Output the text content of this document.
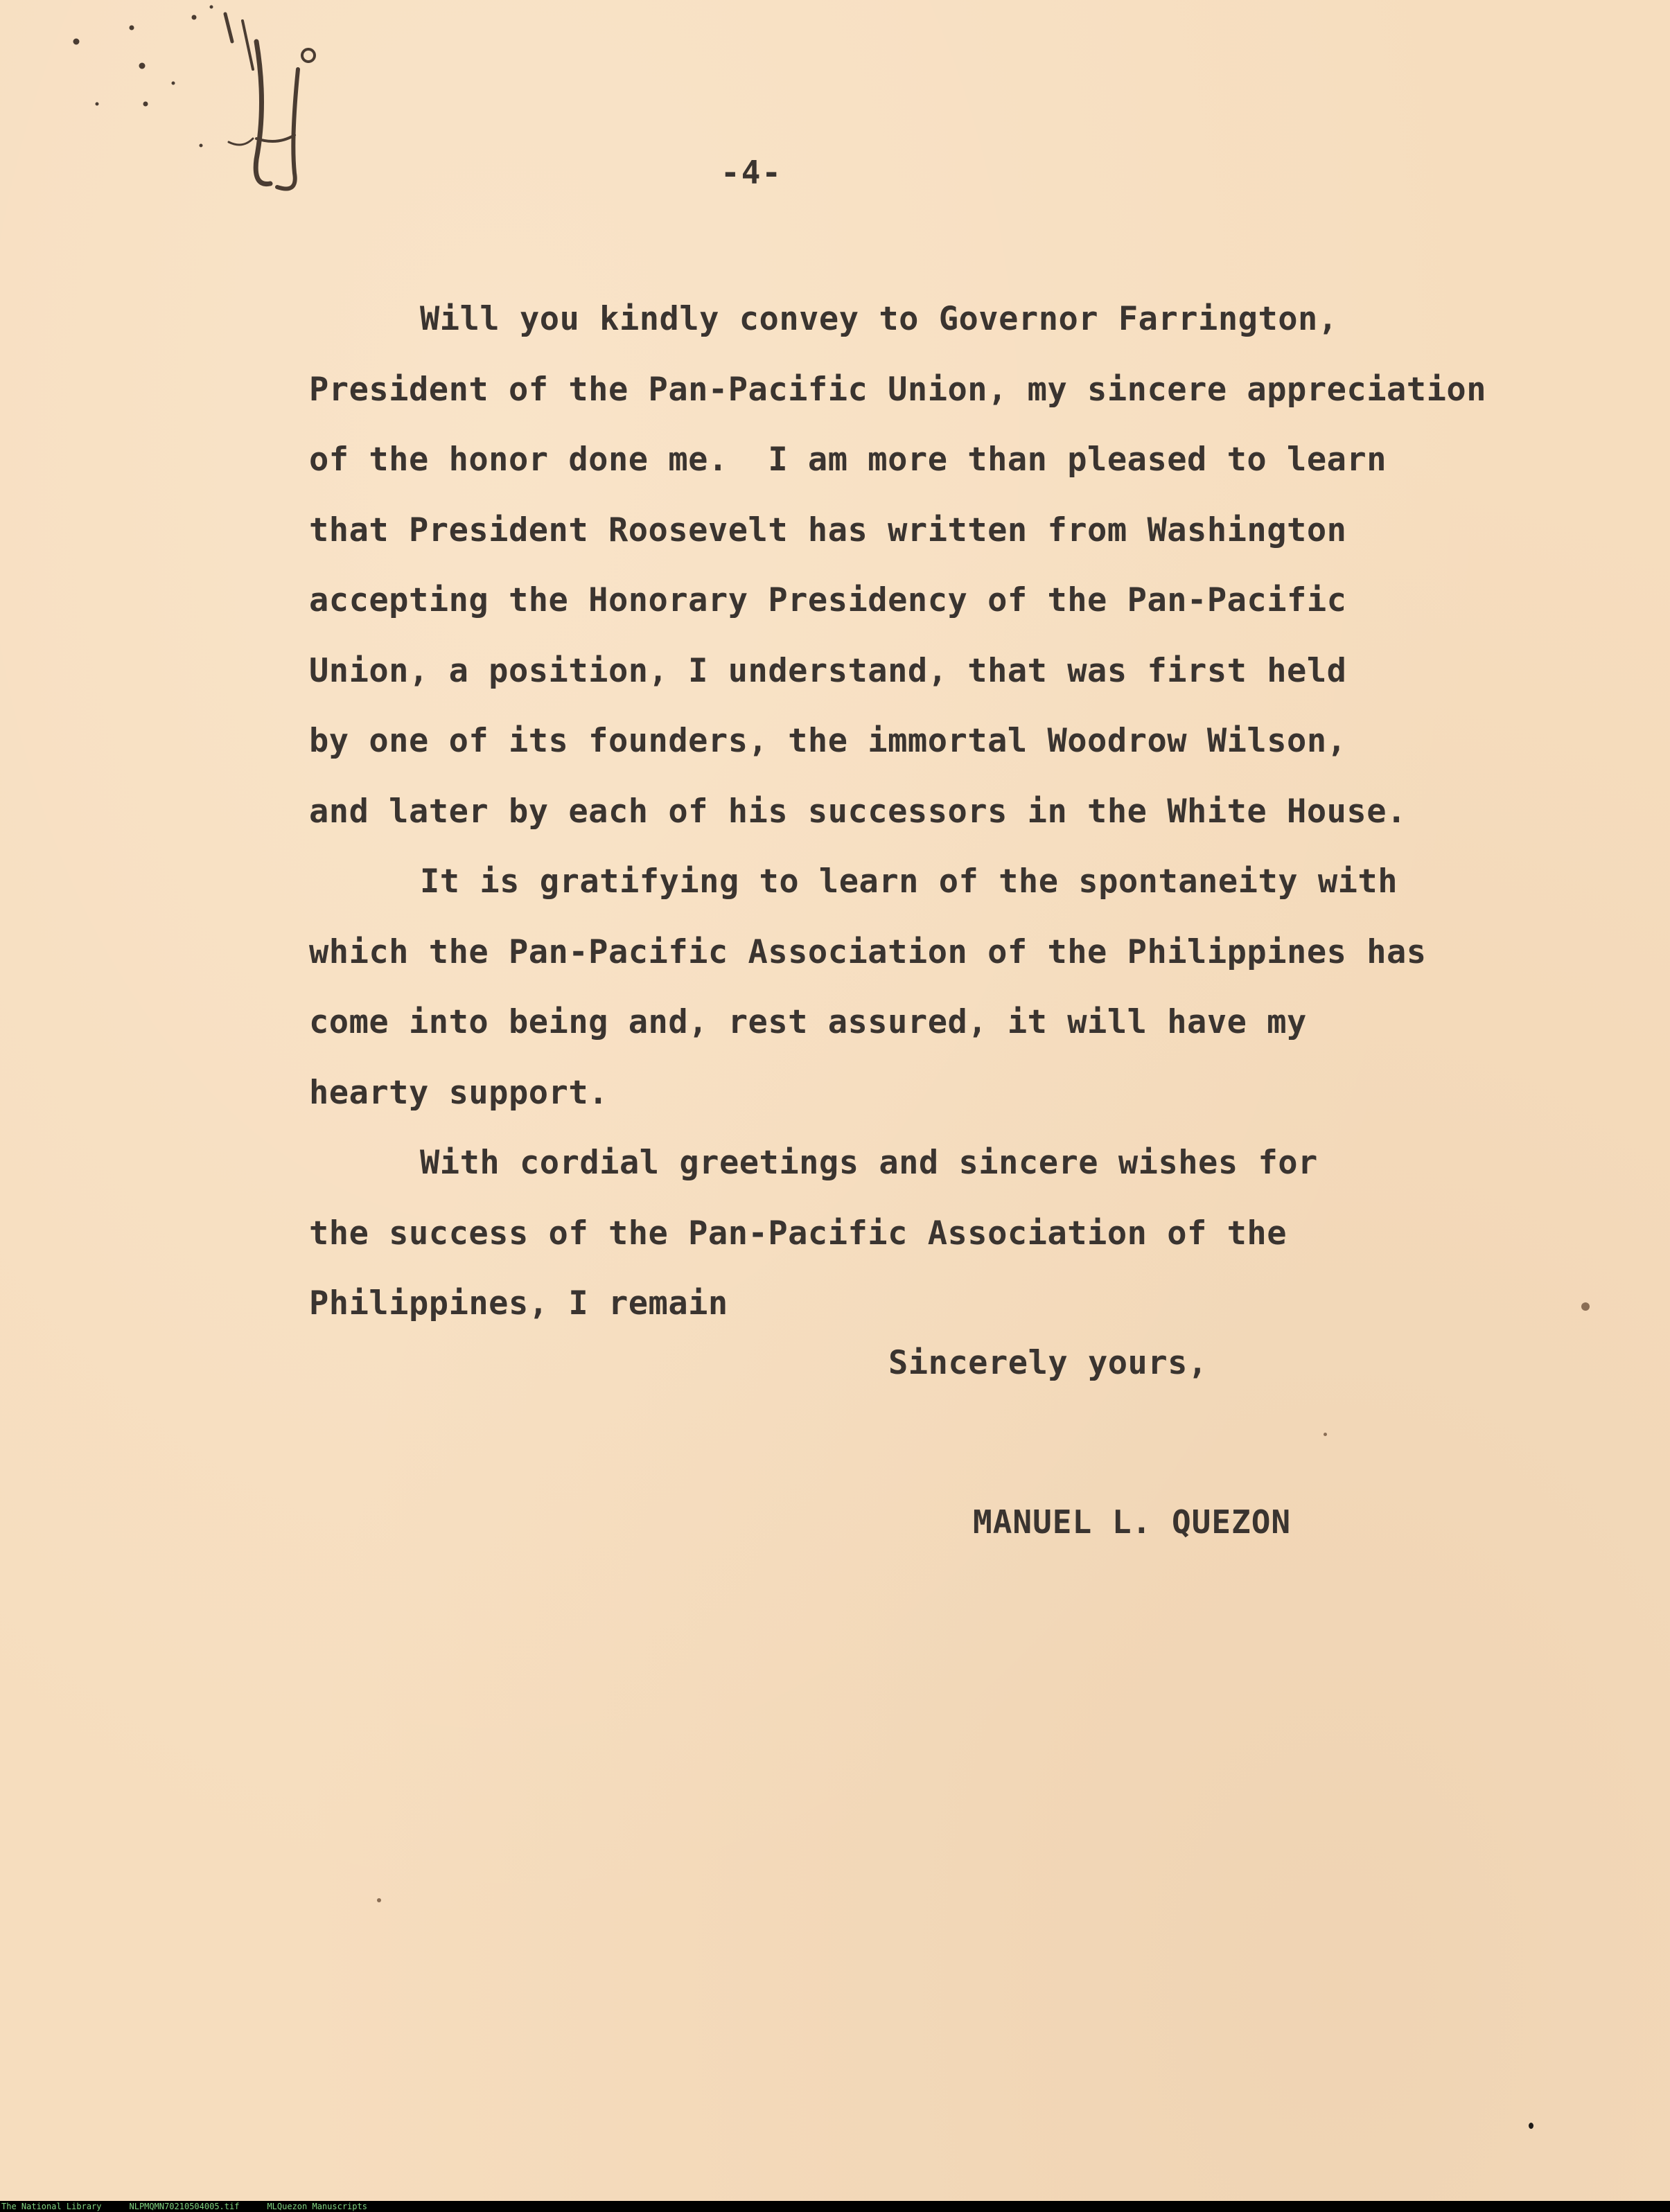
-4-
Will you kindly convey to Governor Farrington,
President of the Pan-Pacific Union, my sincere appreciation
of the honor done me.  I am more than pleased to learn
that President Roosevelt has written from Washington
accepting the Honorary Presidency of the Pan-Pacific
Union, a position, I understand, that was first held
by one of its founders, the immortal Woodrow Wilson,
and later by each of his successors in the White House.
It is gratifying to learn of the spontaneity with
which the Pan-Pacific Association of the Philippines has
come into being and, rest assured, it will have my
hearty support.
With cordial greetings and sincere wishes for
the success of the Pan-Pacific Association of the
Philippines, I remain
Sincerely yours,
MANUEL L. QUEZON
The National Library	NLPMQMN70210504005.tif	MLQuezon Manuscripts
